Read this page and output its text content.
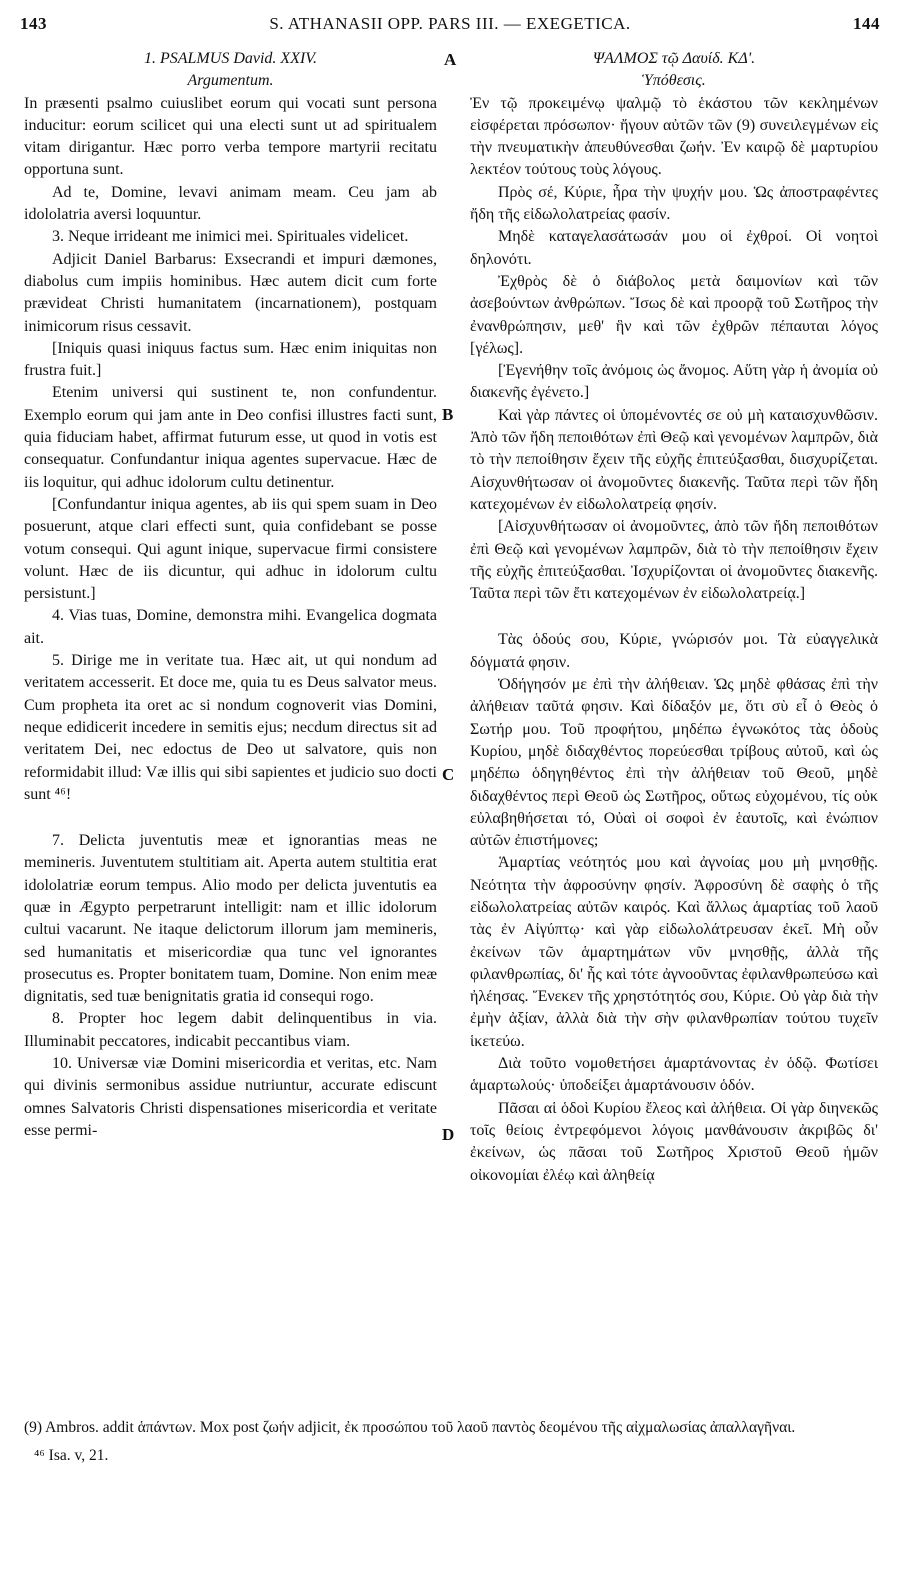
143	S. ATHANASII OPP. PARS III. — EXEGETICA.	144
A
B
C
D

1. PSALMUS David. XXIV.

Argumentum.

In præsenti psalmo cuiuslibet eorum qui vocati sunt persona inducitur: eorum scilicet qui una electi sunt ut ad spiritualem vitam dirigantur. Hæc porro verba tempore martyrii recitatu opportuna sunt.

Ad te, Domine, levavi animam meam. Ceu jam ab idololatria aversi loquuntur.

3. Neque irrideant me inimici mei. Spirituales videlicet.

Adjicit Daniel Barbarus: Exsecrandi et impuri dæmones, diabolus cum impiis hominibus. Hæc autem dicit cum forte prævideat Christi humanitatem (incarnationem), postquam inimicorum risus cessavit.

[Iniquis quasi iniquus factus sum. Hæc enim iniquitas non frustra fuit.]

Etenim universi qui sustinent te, non confundentur. Exemplo eorum qui jam ante in Deo confisi illustres facti sunt, quia fiduciam habet, affirmat futurum esse, ut quod in votis est consequatur. Confundantur iniqua agentes supervacue. Hæc de iis loquitur, qui adhuc idolorum cultu detinentur.

[Confundantur iniqua agentes, ab iis qui spem suam in Deo posuerunt, atque clari effecti sunt, quia confidebant se posse votum consequi. Qui agunt inique, supervacue firmi consistere volunt. Hæc de iis dicuntur, qui adhuc in idolorum cultu persistunt.]

4. Vias tuas, Domine, demonstra mihi. Evangelica dogmata ait.

5. Dirige me in veritate tua. Hæc ait, ut qui nondum ad veritatem accesserit. Et doce me, quia tu es Deus salvator meus. Cum propheta ita oret ac si nondum cognoverit vias Domini, neque edidicerit incedere in semitis ejus; necdum directus sit ad veritatem Dei, nec edoctus de Deo ut salvatore, quis non reformidabit illud: Væ illis qui sibi sapientes et judicio suo docti sunt ⁴⁶!

7. Delicta juventutis meæ et ignorantias meas ne memineris. Juventutem stultitiam ait. Aperta autem stultitia erat idololatriæ eorum tempus. Alio modo per delicta juventutis ea quæ in Ægypto perpetrarunt intelligit: nam et illic idolorum cultui vacarunt. Ne itaque delictorum illorum jam memineris, sed humanitatis et misericordiæ qua tunc vel ignorantes prosecutus es. Propter bonitatem tuam, Domine. Non enim meæ dignitatis, sed tuæ benignitatis gratia id consequi rogo.

8. Propter hoc legem dabit delinquentibus in via. Illuminabit peccatores, indicabit peccantibus viam.

10. Universæ viæ Domini misericordia et veritas, etc. Nam qui divinis sermonibus assidue nutriuntur, accurate ediscunt omnes Salvatoris Christi dispensationes misericordia et veritate esse permi-

ΨΑΛΜΟΣ τῷ Δαυίδ. ΚΔ'.

Ὑπόθεσις.

Ἐν τῷ προκειμένῳ ψαλμῷ τὸ ἑκάστου τῶν κεκλημένων εἰσφέρεται πρόσωπον· ἤγουν αὐτῶν τῶν (9) συνειλεγμένων εἰς τὴν πνευματικὴν ἀπευθύνεσθαι ζωήν. Ἐν καιρῷ δὲ μαρτυρίου λεκτέον τούτους τοὺς λόγους.

Πρὸς σέ, Κύριε, ἦρα τὴν ψυχήν μου. Ὡς ἀποστραφέντες ἤδη τῆς εἰδωλολατρείας φασίν.

Μηδὲ καταγελασάτωσάν μου οἱ ἐχθροί. Οἱ νοητοὶ δηλονότι.

Ἐχθρὸς δὲ ὁ διάβολος μετὰ δαιμονίων καὶ τῶν ἀσεβούντων ἀνθρώπων. Ἴσως δὲ καὶ προορᾷ τοῦ Σωτῆρος τὴν ἐνανθρώπησιν, μεθ' ἣν καὶ τῶν ἐχθρῶν πέπαυται λόγος [γέλως].

[Ἐγενήθην τοῖς ἀνόμοις ὡς ἄνομος. Αὕτη γὰρ ἡ ἀνομία οὐ διακενῆς ἐγένετο.]

Καὶ γὰρ πάντες οἱ ὑπομένοντές σε οὐ μὴ καταισχυνθῶσιν. Ἀπὸ τῶν ἤδη πεποιθότων ἐπὶ Θεῷ καὶ γενομένων λαμπρῶν, διὰ τὸ τὴν πεποίθησιν ἔχειν τῆς εὐχῆς ἐπιτεύξασθαι, διισχυρίζεται. Αἰσχυνθήτωσαν οἱ ἀνομοῦντες διακενῆς. Ταῦτα περὶ τῶν ἤδη κατεχομένων ἐν εἰδωλολατρείᾳ φησίν.

[Αἰσχυνθήτωσαν οἱ ἀνομοῦντες, ἀπὸ τῶν ἤδη πεποιθότων ἐπὶ Θεῷ καὶ γενομένων λαμπρῶν, διὰ τὸ τὴν πεποίθησιν ἔχειν τῆς εὐχῆς ἐπιτεύξασθαι. Ἰσχυρίζονται οἱ ἀνομοῦντες διακενῆς. Ταῦτα περὶ τῶν ἔτι κατεχομένων ἐν εἰδωλολατρείᾳ.]

Τὰς ὁδούς σου, Κύριε, γνώρισόν μοι. Τὰ εὐαγγελικὰ δόγματά φησιν.

Ὁδήγησόν με ἐπὶ τὴν ἀλήθειαν. Ὡς μηδὲ φθάσας ἐπὶ τὴν ἀλήθειαν ταῦτά φησιν. Καὶ δίδαξόν με, ὅτι σὺ εἶ ὁ Θεὸς ὁ Σωτήρ μου. Τοῦ προφήτου, μηδέπω ἐγνωκότος τὰς ὁδοὺς Κυρίου, μηδὲ διδαχθέντος πορεύεσθαι τρίβους αὐτοῦ, καὶ ὡς μηδέπω ὁδηγηθέντος ἐπὶ τὴν ἀλήθειαν τοῦ Θεοῦ, μηδὲ διδαχθέντος περὶ Θεοῦ ὡς Σωτῆρος, οὕτως εὐχομένου, τίς οὐκ εὐλαβηθήσεται τό, Οὐαὶ οἱ σοφοὶ ἐν ἑαυτοῖς, καὶ ἐνώπιον αὐτῶν ἐπιστήμονες;

Ἁμαρτίας νεότητός μου καὶ ἀγνοίας μου μὴ μνησθῇς. Νεότητα τὴν ἀφροσύνην φησίν. Ἀφροσύνη δὲ σαφὴς ὁ τῆς εἰδωλολατρείας αὐτῶν καιρός. Καὶ ἄλλως ἁμαρτίας τοῦ λαοῦ τὰς ἐν Αἰγύπτῳ· καὶ γὰρ εἰδωλολάτρευσαν ἐκεῖ. Μὴ οὖν ἐκείνων τῶν ἁμαρτημάτων νῦν μνησθῇς, ἀλλὰ τῆς φιλανθρωπίας, δι' ἧς καὶ τότε ἀγνοοῦντας ἐφιλανθρωπεύσω καὶ ἠλέησας. Ἕνεκεν τῆς χρηστότητός σου, Κύριε. Οὐ γὰρ διὰ τὴν ἐμὴν ἀξίαν, ἀλλὰ διὰ τὴν σὴν φιλανθρωπίαν τούτου τυχεῖν ἱκετεύω.

Διὰ τοῦτο νομοθετήσει ἁμαρτάνοντας ἐν ὁδῷ. Φωτίσει ἁμαρτωλούς· ὑποδείξει ἁμαρτάνουσιν ὁδόν.

Πᾶσαι αἱ ὁδοὶ Κυρίου ἔλεος καὶ ἀλήθεια. Οἱ γὰρ διηνεκῶς τοῖς θείοις ἐντρεφόμενοι λόγοις μανθάνουσιν ἀκριβῶς δι' ἐκείνων, ὡς πᾶσαι τοῦ Σωτῆρος Χριστοῦ Θεοῦ ἡμῶν οἰκονομίαι ἐλέῳ καὶ ἀληθείᾳ

(9) Ambros. addit ἁπάντων. Mox post ζωήν adjicit, ἐκ προσώπου τοῦ λαοῦ παντὸς δεομένου τῆς αἰχμαλωσίας ἀπαλλαγῆναι.

⁴⁶ Isa. v, 21.
